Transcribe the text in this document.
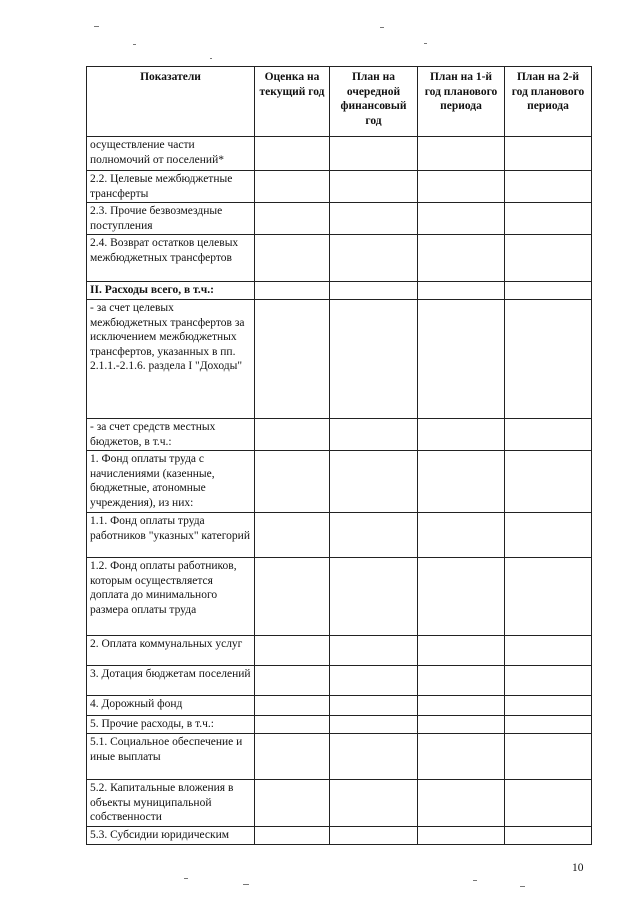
Показатели	Оценка на текущий год	План на очередной финансовый год	План на 1-й год планового периода	План на 2-й год планового периода
осуществление части полномочий от поселений*				
2.2. Целевые межбюджетные трансферты				
2.3. Прочие безвозмездные поступления				
2.4. Возврат остатков целевых межбюджетных трансфертов				
II. Расходы всего, в т.ч.:				
- за счет целевых межбюджетных трансфертов за исключением межбюджетных трансфертов, указанных в пп. 2.1.1.-2.1.6. раздела I "Доходы"				
- за счет средств местных бюджетов, в т.ч.:				
1. Фонд оплаты труда с начислениями (казенные, бюджетные, атономные учреждения), из них:				
1.1. Фонд оплаты труда работников "указных" категорий				
1.2. Фонд оплаты работников, которым осуществляется доплата до минимального размера оплаты труда				
2. Оплата коммунальных услуг				
3. Дотация бюджетам поселений				
4. Дорожный фонд				
5. Прочие расходы, в т.ч.:				
5.1. Социальное обеспечение и иные выплаты				
5.2. Капитальные вложения в объекты муниципальной собственности				
5.3. Субсидии юридическим				
10
